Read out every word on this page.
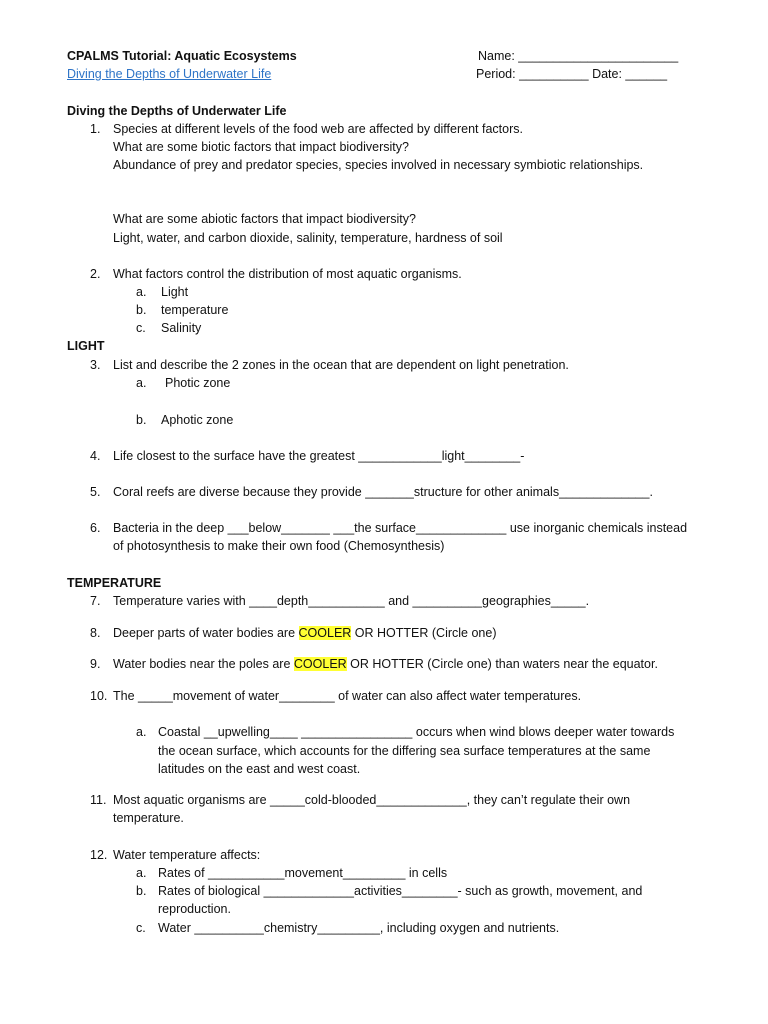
CPALMS Tutorial: Aquatic Ecosystems
Diving the Depths of Underwater Life
Name: _______________________
Period: __________ Date: ______
Diving the Depths of Underwater Life
1. Species at different levels of the food web are affected by different factors.
What are some biotic factors that impact biodiversity?
Abundance of prey and predator species, species involved in necessary symbiotic relationships.
What are some abiotic factors that impact biodiversity?
Light, water, and carbon dioxide, salinity, temperature, hardness of soil
2. What factors control the distribution of most aquatic organisms.
a. Light
b. temperature
c. Salinity
LIGHT
3. List and describe the 2 zones in the ocean that are dependent on light penetration.
a. Photic zone
b. Aphotic zone
4. Life closest to the surface have the greatest ____________light________-
5. Coral reefs are diverse because they provide _______structure for other animals_____________.
6. Bacteria in the deep ___below_______ ___the surface_____________ use inorganic chemicals instead
of photosynthesis to make their own food (Chemosynthesis)
TEMPERATURE
7. Temperature varies with ____depth___________ and __________geographies_____.
8. Deeper parts of water bodies are COOLER OR HOTTER (Circle one)
9. Water bodies near the poles are COOLER OR HOTTER (Circle one) than waters near the equator.
10. The _____movement of water________ of water can also affect water temperatures.
a. Coastal __upwelling____ ________________ occurs when wind blows deeper water towards
the ocean surface, which accounts for the differing sea surface temperatures at the same
latitudes on the east and west coast.
11. Most aquatic organisms are _____cold-blooded_____________, they can’t regulate their own
temperature.
12. Water temperature affects:
a. Rates of ___________movement_________ in cells
b. Rates of biological _____________activities________- such as growth, movement, and
reproduction.
c. Water __________chemistry_________, including oxygen and nutrients.
